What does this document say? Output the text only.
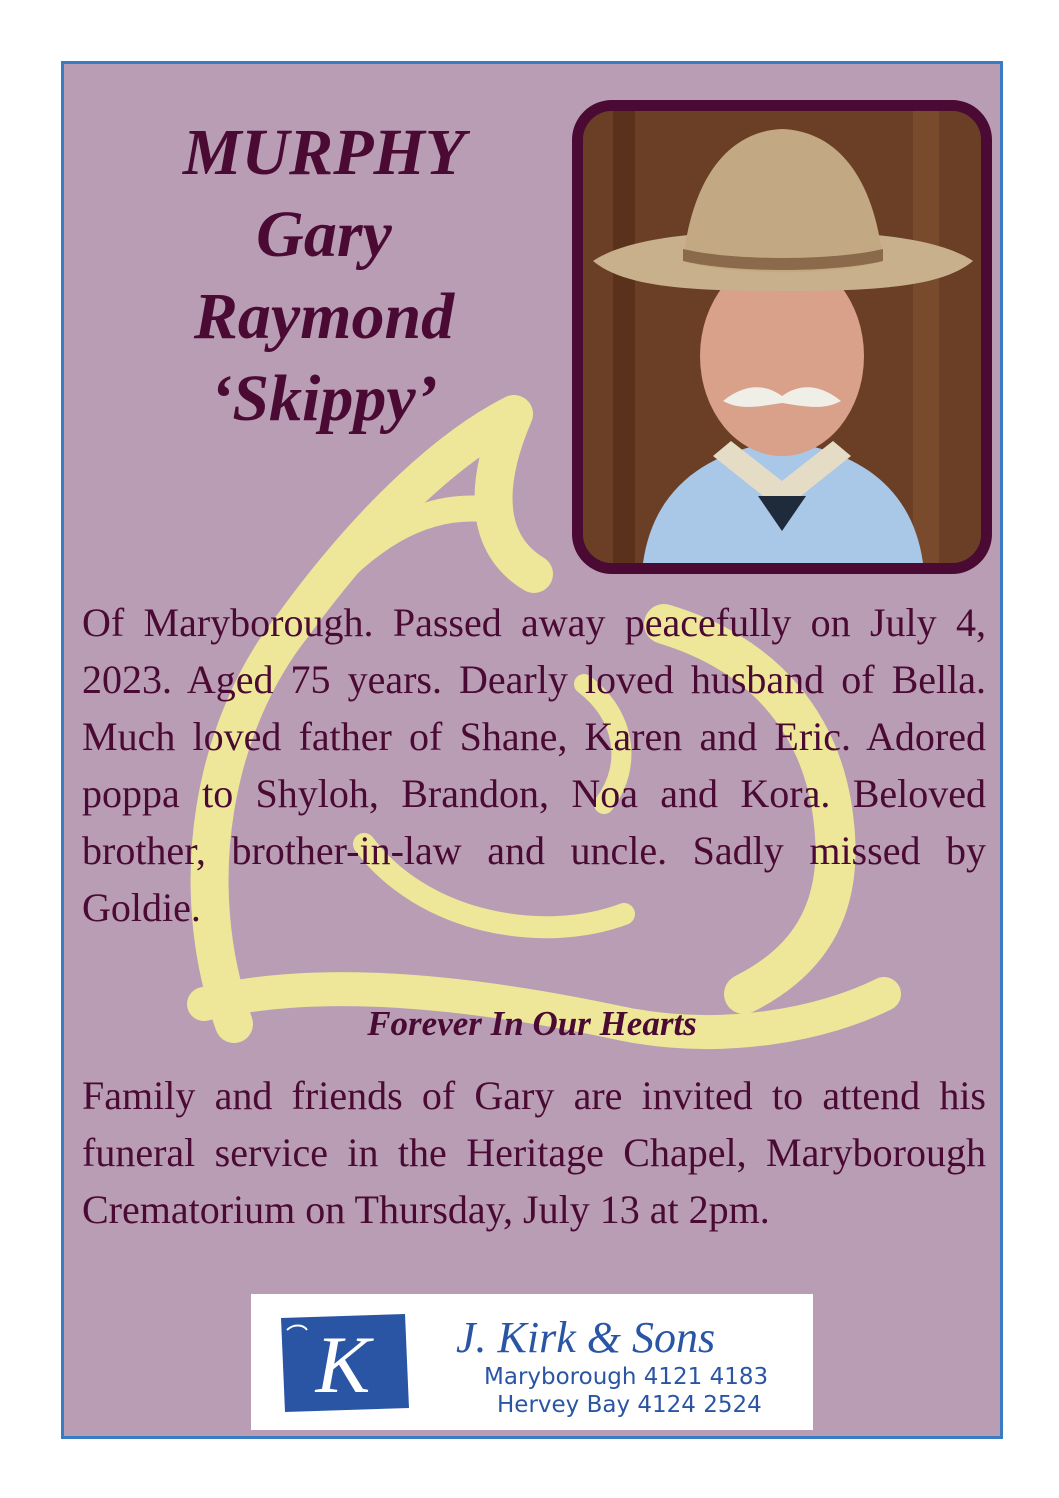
MURPHY
Gary
Raymond
‘Skippy’
Of Maryborough. Passed away peacefully on July 4, 2023. Aged 75 years. Dearly loved husband of Bella. Much loved father of Shane, Karen and Eric. Adored poppa to Shyloh, Brandon, Noa and Kora. Beloved brother, brother-in-law and uncle. Sadly missed by Goldie.
Forever In Our Hearts
Family and friends of Gary are invited to attend his funeral service in the Heritage Chapel, Maryborough Crematorium on Thursday, July 13 at 2pm.
K J. Kirk & Sons
Maryborough 4121 4183
Hervey Bay 4124 2524
